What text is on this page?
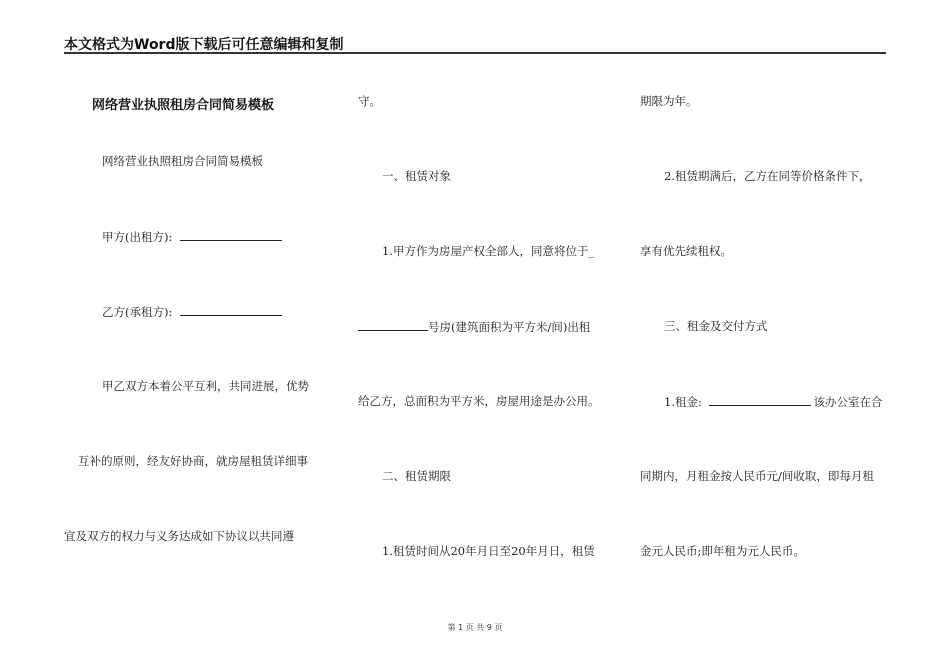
本文格式为Word版下载后可任意编辑和复制
网络营业执照租房合同简易模板
网络营业执照租房合同简易模板
甲方(出租方):
乙方(承租方):
甲乙双方本着公平互利，共同进展，优势
互补的原则，经友好协商，就房屋租赁详细事
宜及双方的权力与义务达成如下协议以共同遵
守。
一、租赁对象
1.甲方作为房屋产权全部人，同意将位于_
号房(建筑面积为平方米/间)出租
给乙方，总面积为平方米，房屋用途是办公用。
二、租赁期限
1.租赁时间从20年月日至20年月日，租赁
期限为年。
2.租赁期满后，乙方在同等价格条件下，
享有优先续租权。
三、租金及交付方式
1.租金:	该办公室在合
同期内，月租金按人民币元/间收取，即每月租
金元人民币;即年租为元人民币。
第 1 页 共 9 页
